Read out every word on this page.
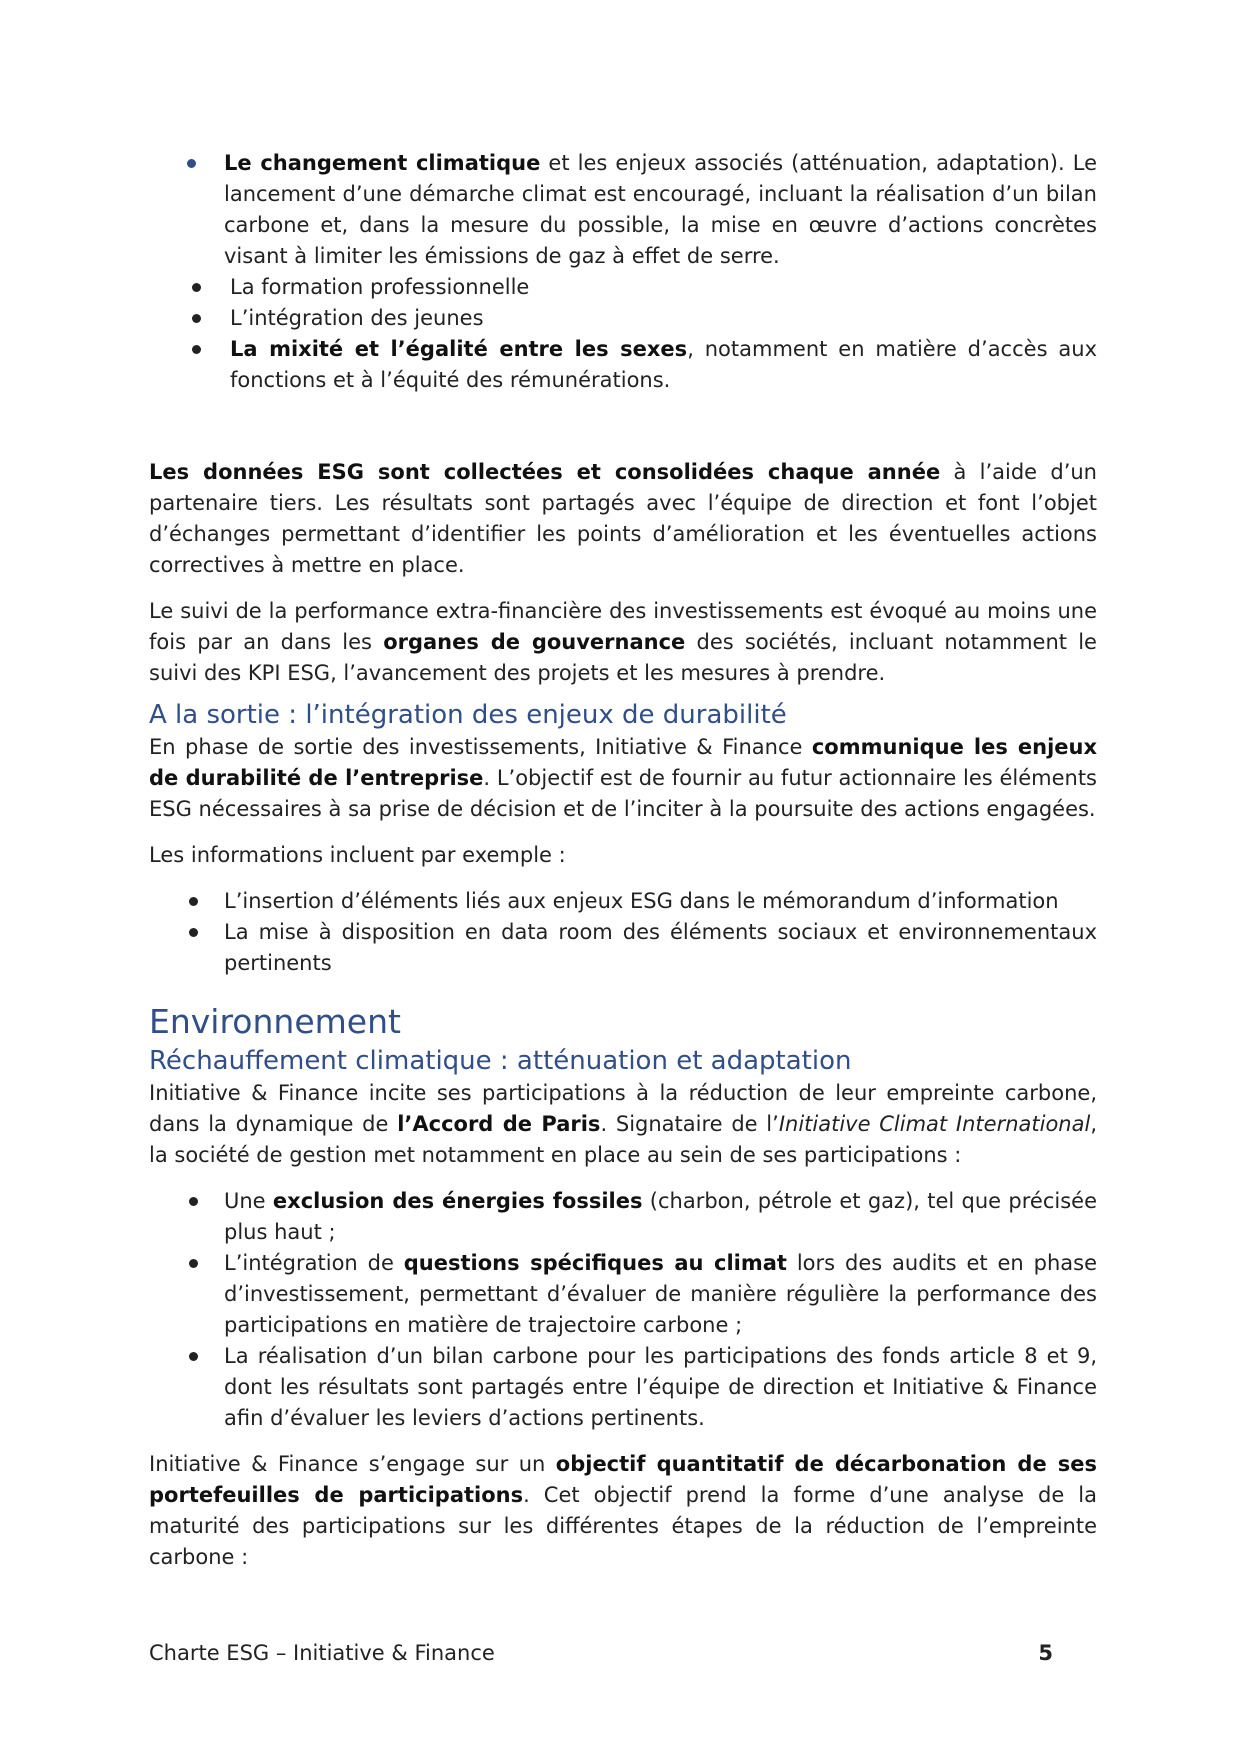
Le changement climatique et les enjeux associés (atténuation, adaptation). Le lancement d’une démarche climat est encouragé, incluant la réalisation d’un bilan carbone et, dans la mesure du possible, la mise en œuvre d’actions concrètes visant à limiter les émissions de gaz à effet de serre.
La formation professionnelle
L’intégration des jeunes
La mixité et l’égalité entre les sexes, notamment en matière d’accès aux fonctions et à l’équité des rémunérations.

Les données ESG sont collectées et consolidées chaque année à l’aide d’un partenaire tiers. Les résultats sont partagés avec l’équipe de direction et font l’objet d’échanges permettant d’identifier les points d’amélioration et les éventuelles actions correctives à mettre en place.

Le suivi de la performance extra-financière des investissements est évoqué au moins une fois par an dans les organes de gouvernance des sociétés, incluant notamment le suivi des KPI ESG, l’avancement des projets et les mesures à prendre.

A la sortie : l’intégration des enjeux de durabilité

En phase de sortie des investissements, Initiative & Finance communique les enjeux de durabilité de l’entreprise. L’objectif est de fournir au futur actionnaire les éléments ESG nécessaires à sa prise de décision et de l’inciter à la poursuite des actions engagées.

Les informations incluent par exemple :

L’insertion d’éléments liés aux enjeux ESG dans le mémorandum d’information
La mise à disposition en data room des éléments sociaux et environnementaux pertinents
Environnement
Réchauffement climatique : atténuation et adaptation

Initiative & Finance incite ses participations à la réduction de leur empreinte carbone, dans la dynamique de l’Accord de Paris. Signataire de l’Initiative Climat International, la société de gestion met notamment en place au sein de ses participations :

Une exclusion des énergies fossiles (charbon, pétrole et gaz), tel que précisée plus haut ;
L’intégration de questions spécifiques au climat lors des audits et en phase d’investissement, permettant d’évaluer de manière régulière la performance des participations en matière de trajectoire carbone ;
La réalisation d’un bilan carbone pour les participations des fonds article 8 et 9, dont les résultats sont partagés entre l’équipe de direction et Initiative & Finance afin d’évaluer les leviers d’actions pertinents.

Initiative & Finance s’engage sur un objectif quantitatif de décarbonation de ses portefeuilles de participations. Cet objectif prend la forme d’une analyse de la maturité des participations sur les différentes étapes de la réduction de l’empreinte carbone :

Charte ESG – Initiative & Finance	5
